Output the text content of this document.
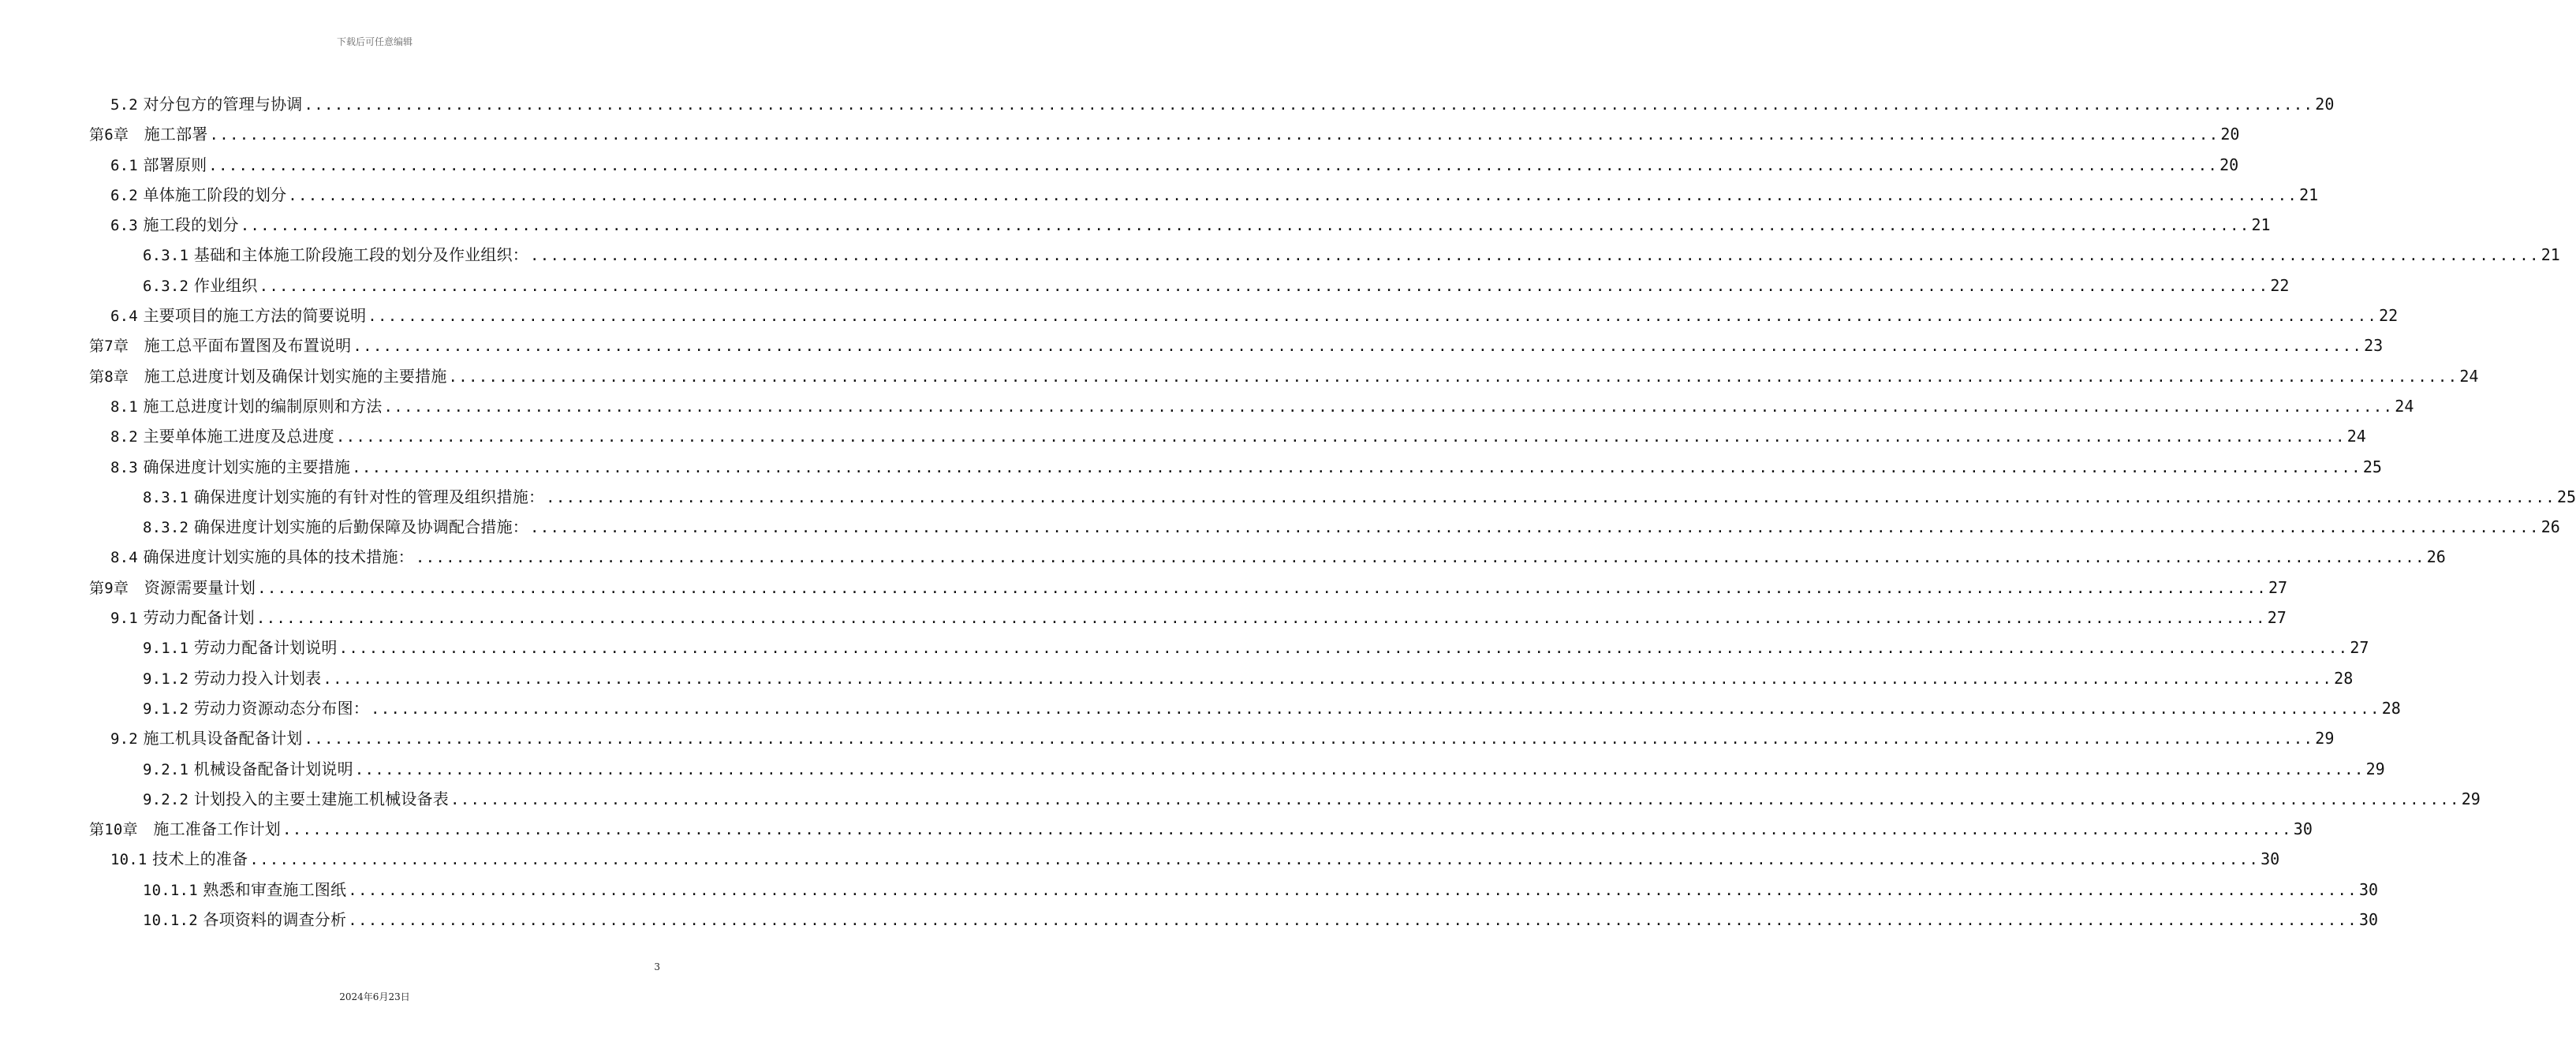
下载后可任意编辑
5.2 对分包方的管理与协调 ........................................................................................................................................................................................................ 20
第6章 施工部署 ........................................................................................................................................................................................................ 20
6.1 部署原则 ........................................................................................................................................................................................................ 20
6.2 单体施工阶段的划分 ........................................................................................................................................................................................................ 21
6.3 施工段的划分 ........................................................................................................................................................................................................ 21
6.3.1 基础和主体施工阶段施工段的划分及作业组织： ........................................................................................................................................................................................................ 21
6.3.2 作业组织 ........................................................................................................................................................................................................ 22
6.4 主要项目的施工方法的简要说明 ........................................................................................................................................................................................................ 22
第7章 施工总平面布置图及布置说明 ........................................................................................................................................................................................................ 23
第8章 施工总进度计划及确保计划实施的主要措施 ........................................................................................................................................................................................................ 24
8.1 施工总进度计划的编制原则和方法 ........................................................................................................................................................................................................ 24
8.2 主要单体施工进度及总进度 ........................................................................................................................................................................................................ 24
8.3 确保进度计划实施的主要措施 ........................................................................................................................................................................................................ 25
8.3.1 确保进度计划实施的有针对性的管理及组织措施： ........................................................................................................................................................................................................ 25
8.3.2 确保进度计划实施的后勤保障及协调配合措施： ........................................................................................................................................................................................................ 26
8.4 确保进度计划实施的具体的技术措施： ........................................................................................................................................................................................................ 26
第9章 资源需要量计划 ........................................................................................................................................................................................................ 27
9.1 劳动力配备计划 ........................................................................................................................................................................................................ 27
9.1.1 劳动力配备计划说明 ........................................................................................................................................................................................................ 27
9.1.2 劳动力投入计划表 ........................................................................................................................................................................................................ 28
9.1.2 劳动力资源动态分布图： ........................................................................................................................................................................................................ 28
9.2 施工机具设备配备计划 ........................................................................................................................................................................................................ 29
9.2.1 机械设备配备计划说明 ........................................................................................................................................................................................................ 29
9.2.2 计划投入的主要土建施工机械设备表 ........................................................................................................................................................................................................ 29
第10章 施工准备工作计划 ........................................................................................................................................................................................................ 30
10.1 技术上的准备 ........................................................................................................................................................................................................ 30
10.1.1 熟悉和审查施工图纸 ........................................................................................................................................................................................................ 30
10.1.2 各项资料的调查分析 ........................................................................................................................................................................................................ 30
3
2024年6月23日
